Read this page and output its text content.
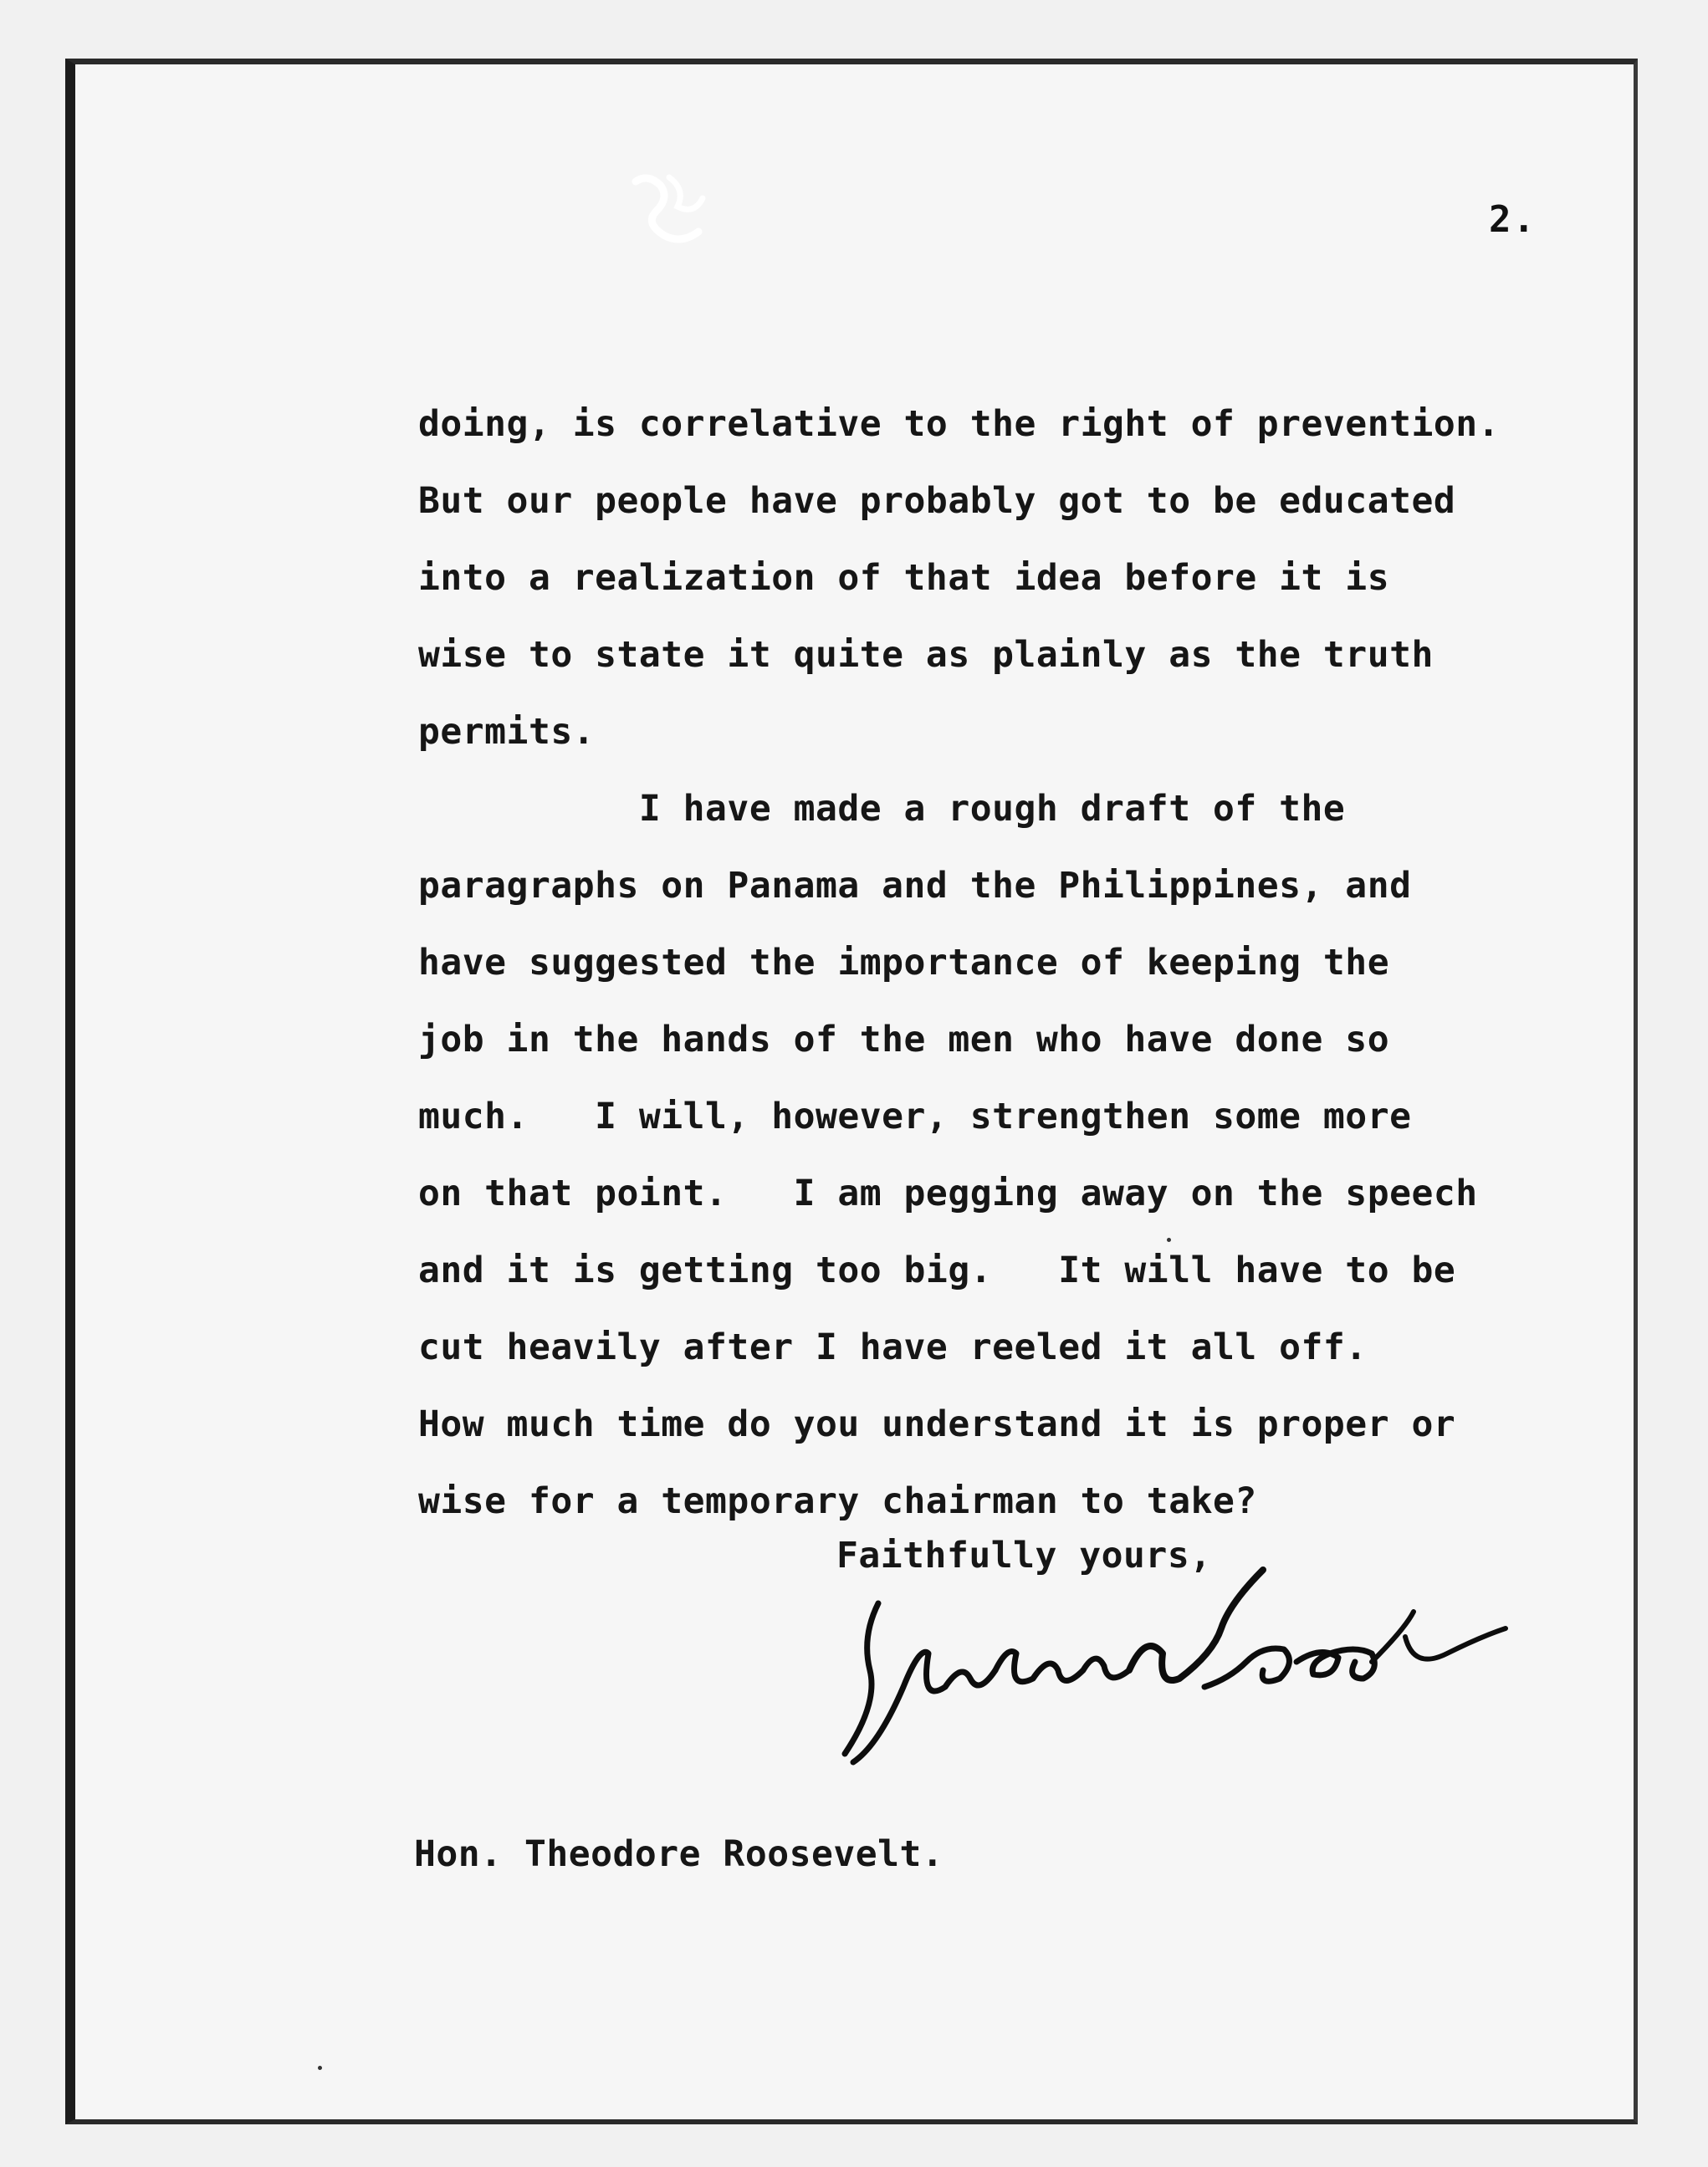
2.
doing, is correlative to the right of prevention.
But our people have probably got to be educated
into a realization of that idea before it is
wise to state it quite as plainly as the truth
permits.
I have made a rough draft of the
paragraphs on Panama and the Philippines, and
have suggested the importance of keeping the
job in the hands of the men who have done so
much.   I will, however, strengthen some more
on that point.   I am pegging away on the speech
and it is getting too big.   It will have to be
cut heavily after I have reeled it all off.
How much time do you understand it is proper or
wise for a temporary chairman to take?
Faithfully yours,
Hon. Theodore Roosevelt.
